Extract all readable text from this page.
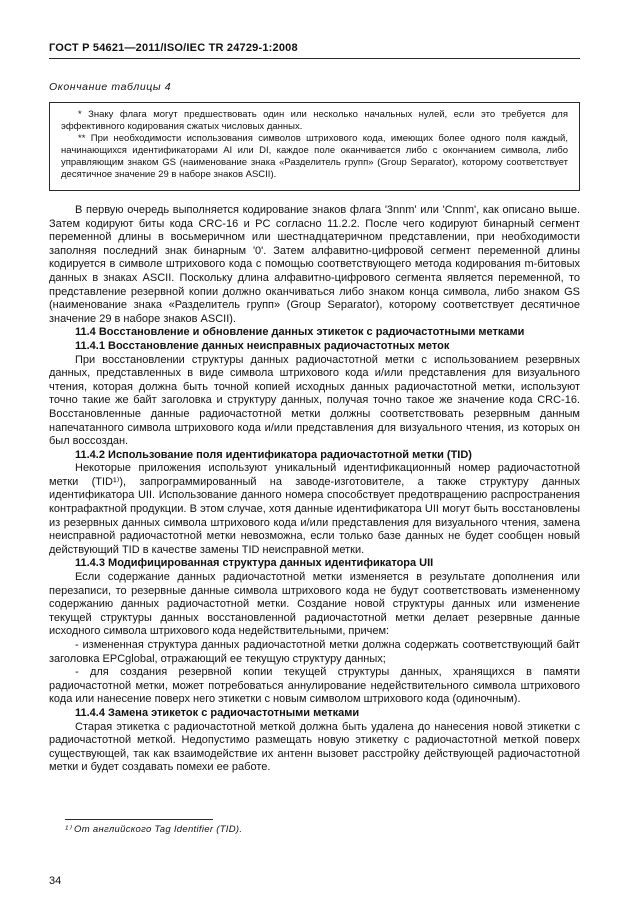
ГОСТ Р 54621—2011/ISO/IEC TR 24729-1:2008
Окончание таблицы 4

* Знаку флага могут предшествовать один или несколько начальных нулей, если это требуется для эффективного кодирования сжатых числовых данных.

** При необходимости использования символов штрихового кода, имеющих более одного поля каждый, начинающихся идентификаторами AI или DI, каждое поле оканчивается либо с окончанием символа, либо управляющим знаком GS (наименование знака «Разделитель групп» (Group Separator), которому соответствует десятичное значение 29 в наборе знаков ASCII).

В первую очередь выполняется кодирование знаков флага '3nnm' или 'Cnnm', как описано выше. Затем кодируют биты кода CRC-16 и PC согласно 11.2.2. После чего кодируют бинарный сегмент переменной длины в восьмеричном или шестнадцатеричном представлении, при необходимости заполняя последний знак бинарным '0'. Затем алфавитно-цифровой сегмент переменной длины кодируется в символе штрихового кода с помощью соответствующего метода кодирования m-битовых данных в знаках ASCII. Поскольку длина алфавитно-цифрового сегмента является переменной, то представление резервной копии должно оканчиваться либо знаком конца символа, либо знаком GS (наименование знака «Разделитель групп» (Group Separator), которому соответствует десятичное значение 29 в наборе знаков ASCII).

11.4 Восстановление и обновление данных этикеток с радиочастотными метками

11.4.1 Восстановление данных неисправных радиочастотных меток

При восстановлении структуры данных радиочастотной метки с использованием резервных данных, представленных в виде символа штрихового кода и/или представления для визуального чтения, которая должна быть точной копией исходных данных радиочастотной метки, используют точно такие же байт заголовка и структуру данных, получая точно такое же значение кода CRC-16. Восстановленные данные радиочастотной метки должны соответствовать резервным данным напечатанного символа штрихового кода и/или представления для визуального чтения, из которых он был воссоздан.

11.4.2 Использование поля идентификатора радиочастотной метки (TID)

Некоторые приложения используют уникальный идентификационный номер радиочастотной метки (TID¹⁾), запрограммированный на заводе-изготовителе, а также структуру данных идентификатора UII. Использование данного номера способствует предотвращению распространения контрафактной продукции. В этом случае, хотя данные идентификатора UII могут быть восстановлены из резервных данных символа штрихового кода и/или представления для визуального чтения, замена неисправной радиочастотной метки невозможна, если только базе данных не будет сообщен новый действующий TID в качестве замены TID неисправной метки.

11.4.3 Модифицированная структура данных идентификатора UII

Если содержание данных радиочастотной метки изменяется в результате дополнения или перезаписи, то резервные данные символа штрихового кода не будут соответствовать измененному содержанию данных радиочастотной метки. Создание новой структуры данных или изменение текущей структуры данных восстановленной радиочастотной метки делает резервные данные исходного символа штрихового кода недействительными, причем:

- измененная структура данных радиочастотной метки должна содержать соответствующий байт заголовка EPCglobal, отражающий ее текущую структуру данных;

- для создания резервной копии текущей структуры данных, хранящихся в памяти радиочастотной метки, может потребоваться аннулирование недействительного символа штрихового кода или нанесение поверх него этикетки с новым символом штрихового кода (одиночным).

11.4.4 Замена этикеток с радиочастотными метками

Старая этикетка с радиочастотной меткой должна быть удалена до нанесения новой этикетки с радиочастотной меткой. Недопустимо размещать новую этикетку с радиочастотной меткой поверх существующей, так как взаимодействие их антенн вызовет расстройку действующей радиочастотной метки и будет создавать помехи ее работе.

¹⁾ От английского Tag Identifier (TID).

34
